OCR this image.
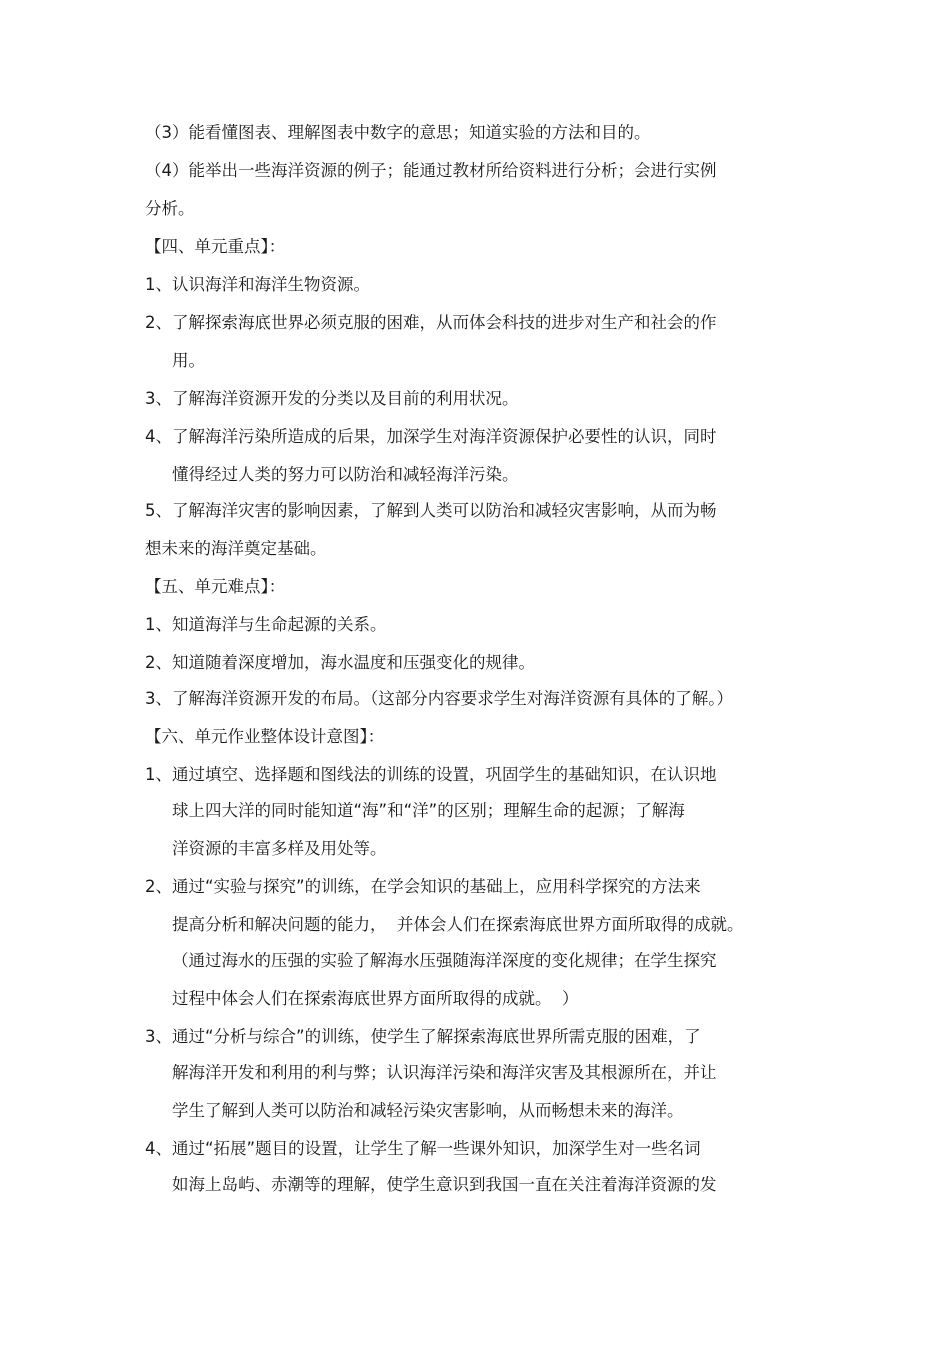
（3）能看懂图表、理解图表中数字的意思；知道实验的方法和目的。
（4）能举出一些海洋资源的例子；能通过教材所给资料进行分析；会进行实例
分析。
【四、单元重点】：
1、认识海洋和海洋生物资源。
2、了解探索海底世界必须克服的困难，从而体会科技的进步对生产和社会的作
用。
3、了解海洋资源开发的分类以及目前的利用状况。
4、了解海洋污染所造成的后果，加深学生对海洋资源保护必要性的认识，同时
懂得经过人类的努力可以防治和减轻海洋污染。
5、了解海洋灾害的影响因素，了解到人类可以防治和减轻灾害影响，从而为畅
想未来的海洋奠定基础。
【五、单元难点】：
1、知道海洋与生命起源的关系。
2、知道随着深度增加，海水温度和压强变化的规律。
3、了解海洋资源开发的布局。（这部分内容要求学生对海洋资源有具体的了解。）
【六、单元作业整体设计意图】：
1、通过填空、选择题和图线法的训练的设置，巩固学生的基础知识，在认识地
球上四大洋的同时能知道“海”和“洋”的区别；理解生命的起源；了解海
洋资源的丰富多样及用处等。
2、通过“实验与探究”的训练，在学会知识的基础上，应用科学探究的方法来
提高分析和解决问题的能力，  并体会人们在探索海底世界方面所取得的成就。
（通过海水的压强的实验了解海水压强随海洋深度的变化规律；在学生探究
过程中体会人们在探索海底世界方面所取得的成就。  ）
3、通过“分析与综合”的训练，使学生了解探索海底世界所需克服的困难，了
解海洋开发和利用的利与弊；认识海洋污染和海洋灾害及其根源所在，并让
学生了解到人类可以防治和减轻污染灾害影响，从而畅想未来的海洋。
4、通过“拓展”题目的设置，让学生了解一些课外知识，加深学生对一些名词
如海上岛屿、赤潮等的理解，使学生意识到我国一直在关注着海洋资源的发
